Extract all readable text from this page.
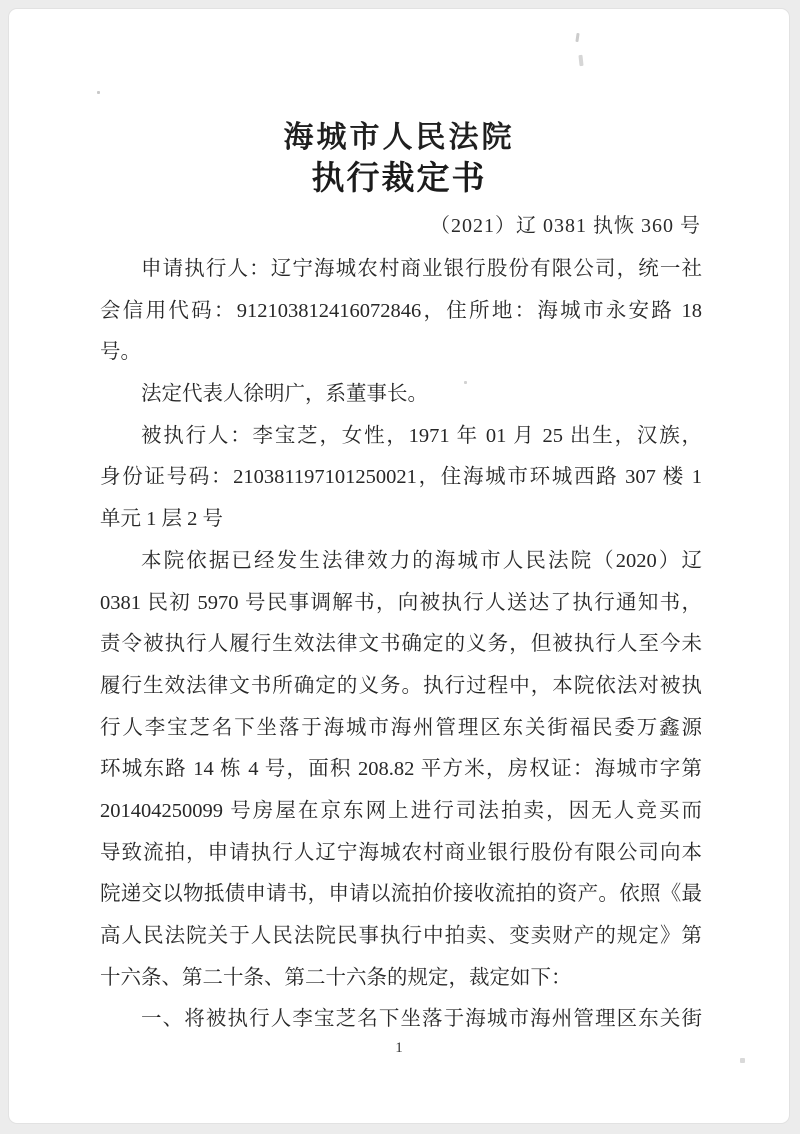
海城市人民法院
执行裁定书
（2021）辽 0381 执恢 360 号
申请执行人：辽宁海城农村商业银行股份有限公司，统一社
会信用代码：912103812416072846，住所地：海城市永安路 18
号。
法定代表人徐明广，系董事长。
被执行人：李宝芝，女性，1971 年 01 月 25 出生，汉族，
身份证号码：210381197101250021，住海城市环城西路 307 楼 1
单元 1 层 2 号
本院依据已经发生法律效力的海城市人民法院（2020）辽
0381 民初 5970 号民事调解书，向被执行人送达了执行通知书，
责令被执行人履行生效法律文书确定的义务，但被执行人至今未
履行生效法律文书所确定的义务。执行过程中，本院依法对被执
行人李宝芝名下坐落于海城市海州管理区东关街福民委万鑫源
环城东路 14 栋 4 号，面积 208.82 平方米，房权证：海城市字第
201404250099 号房屋在京东网上进行司法拍卖，因无人竞买而
导致流拍，申请执行人辽宁海城农村商业银行股份有限公司向本
院递交以物抵债申请书，申请以流拍价接收流拍的资产。依照《最
高人民法院关于人民法院民事执行中拍卖、变卖财产的规定》第
十六条、第二十条、第二十六条的规定，裁定如下：
一、将被执行人李宝芝名下坐落于海城市海州管理区东关街
1
